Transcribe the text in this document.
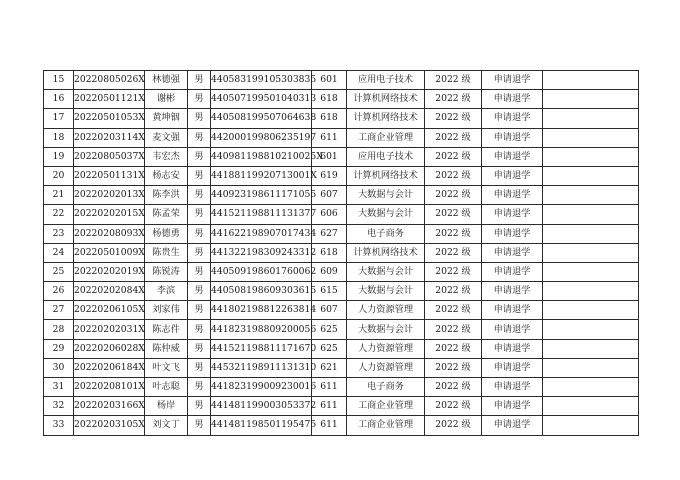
15	20220805026X	林德强	男	440583199105303835	601	应用电子技术	2022 级	申请退学	
16	20220501121X	谢彬	男	440507199501040313	618	计算机网络技术	2022 级	申请退学	
17	20220501053X	黄坤铟	男	440508199507064638	618	计算机网络技术	2022 级	申请退学	
18	20220203114X	麦文强	男	442000199806235197	611	工商企业管理	2022 级	申请退学	
19	20220805037X	韦宏杰	男	440981198810210025X	601	应用电子技术	2022 级	申请退学	
20	20220501131X	杨志安	男	44188119920713001X	619	计算机网络技术	2022 级	申请退学	
21	20220202013X	陈李洪	男	440923198611171055	607	大数据与会计	2022 级	申请退学	
22	20220202015X	陈孟荣	男	441521198811131377	606	大数据与会计	2022 级	申请退学	
23	20220208093X	杨德勇	男	441622198907017434	627	电子商务	2022 级	申请退学	
24	20220501009X	陈贵生	男	441322198309243312	618	计算机网络技术	2022 级	申请退学	
25	20220202019X	陈锐涛	男	440509198601760062	609	大数据与会计	2022 级	申请退学	
26	20220202084X	李滨	男	440508198609303615	615	大数据与会计	2022 级	申请退学	
27	20220206105X	刘家伟	男	441802198812263814	607	人力资源管理	2022 级	申请退学	
28	20220202031X	陈志件	男	441823198809200056	625	大数据与会计	2022 级	申请退学	
29	20220206028X	陈仲威	男	441521198811171670	625	人力资源管理	2022 级	申请退学	
30	20220206184X	叶文飞	男	445321198911131310	621	人力资源管理	2022 级	申请退学	
31	20220208101X	叶志聪	男	441823199009230016	611	电子商务	2022 级	申请退学	
32	20220203166X	杨岸	男	441481199003053372	611	工商企业管理	2022 级	申请退学	
33	20220203105X	刘文丁	男	441481198501195475	611	工商企业管理	2022 级	申请退学	
